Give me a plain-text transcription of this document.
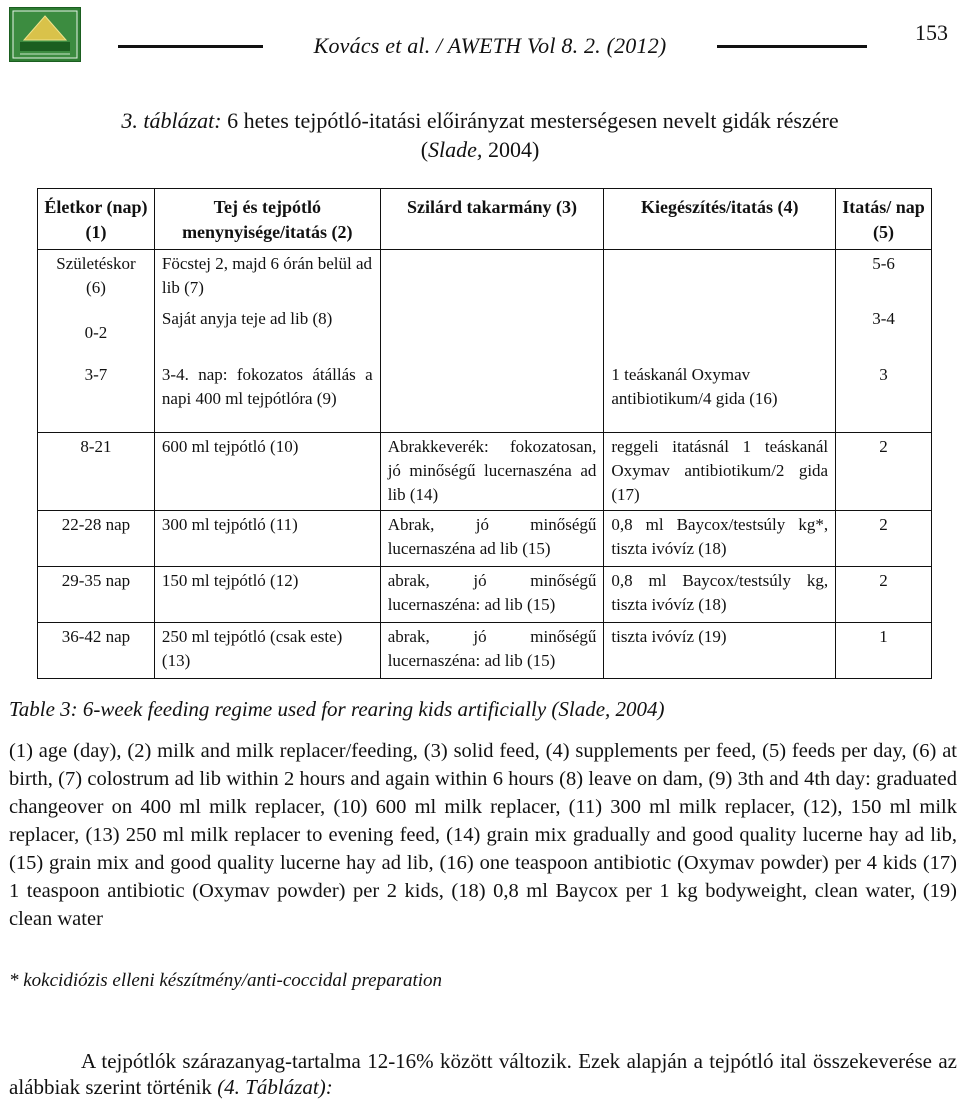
Kovács et al. / AWETH Vol 8. 2. (2012)
153
3. táblázat: 6 hetes tejpótló-itatási előirányzat mesterségesen nevelt gidák részére
(Slade, 2004)
Életkor (nap) (1)	Tej és tejpótló menynyisége/itatás (2)	Szilárd takarmány (3)	Kiegészítés/itatás (4)	Itatás/ nap (5)
Születéskor (6)	Föcstej 2, majd 6 órán belül ad lib (7)			5-6
0-2	Saját anyja teje ad lib (8)			3-4
3-7	3-4. nap: fokozatos átállás a napi 400 ml tejpótlóra (9)		1 teáskanál Oxymav antibiotikum/4 gida (16)	3
8-21	600 ml tejpótló (10)	Abrakkeverék: fokozatosan, jó minőségű lucernaszéna ad lib (14)	reggeli itatásnál 1 teáskanál Oxymav antibiotikum/2 gida (17)	2
22-28 nap	300 ml tejpótló (11)	Abrak, jó minőségű lucernaszéna ad lib (15)	0,8 ml Baycox/testsúly kg*, tiszta ivóvíz (18)	2
29-35 nap	150 ml tejpótló (12)	abrak, jó minőségű lucernaszéna: ad lib (15)	0,8 ml Baycox/testsúly kg, tiszta ivóvíz (18)	2
36-42 nap	250 ml tejpótló (csak este) (13)	abrak, jó minőségű lucernaszéna: ad lib (15)	tiszta ivóvíz (19)	1
Table 3: 6-week feeding regime used for rearing kids artificially (Slade, 2004)
(1) age (day), (2) milk and milk replacer/feeding, (3) solid feed, (4) supplements per feed, (5) feeds per day, (6) at birth, (7) colostrum ad lib within 2 hours and again within 6 hours (8) leave on dam, (9) 3th and 4th day: graduated changeover on 400 ml milk replacer, (10) 600 ml milk replacer, (11) 300 ml milk replacer, (12), 150 ml milk replacer, (13) 250 ml milk replacer to evening feed, (14) grain mix gradually and good quality lucerne hay ad lib, (15) grain mix and good quality lucerne hay ad lib, (16) one teaspoon antibiotic (Oxymav powder) per 4 kids (17) 1 teaspoon antibiotic (Oxymav powder) per 2 kids, (18) 0,8 ml Baycox per 1 kg bodyweight, clean water, (19) clean water
* kokcidiózis elleni készítmény/anti-coccidal preparation
A tejpótlók szárazanyag-tartalma 12-16% között változik. Ezek alapján a tejpótló ital összekeverése az alábbiak szerint történik (4. Táblázat):
